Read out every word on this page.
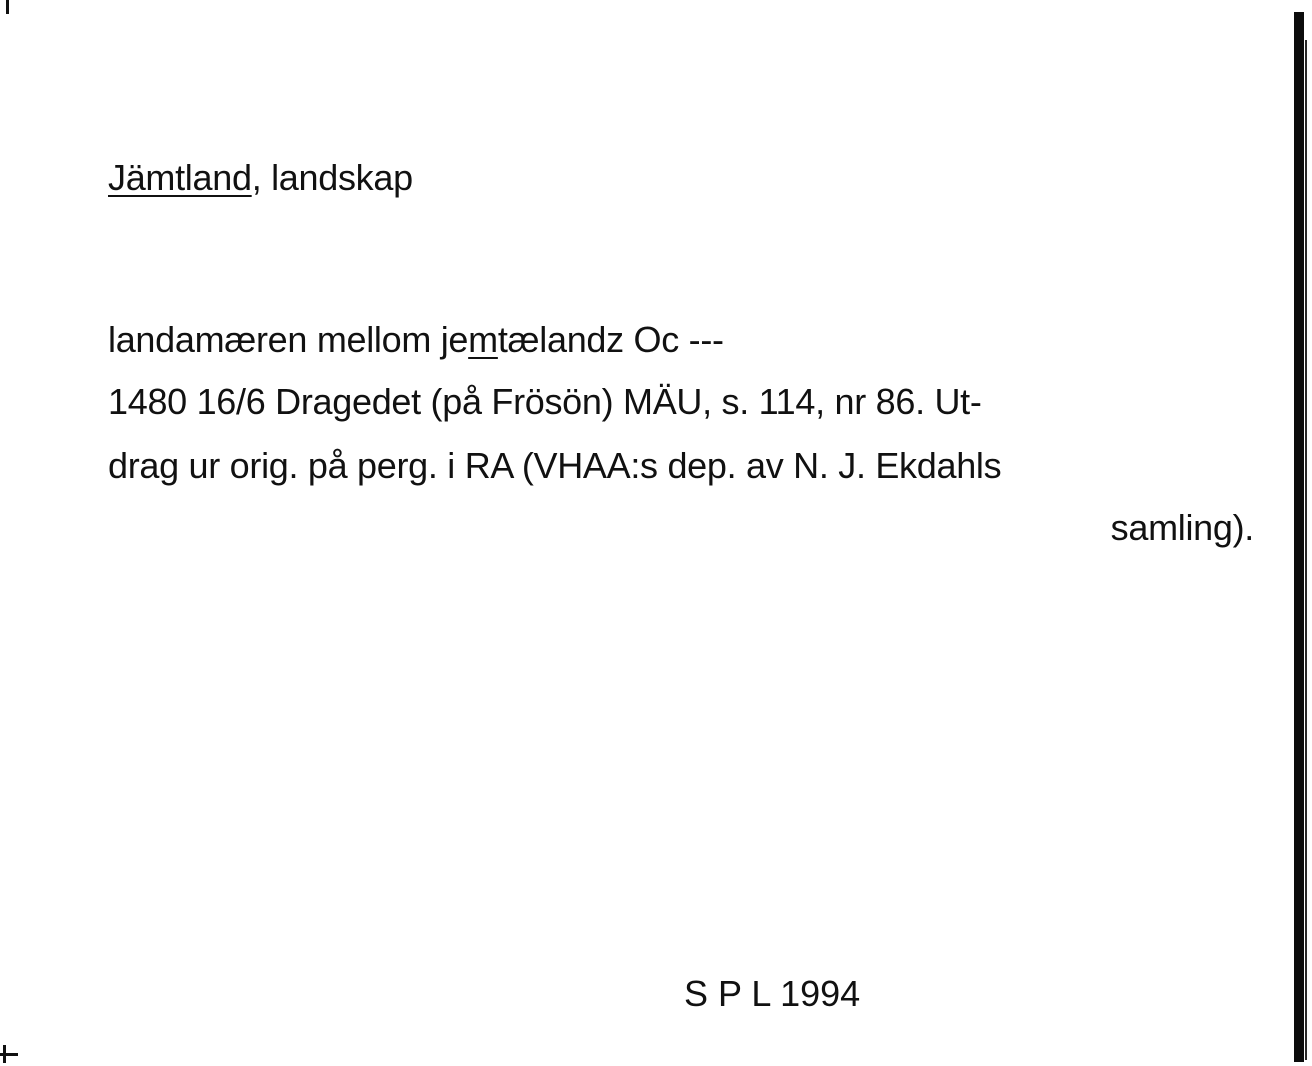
Jämtland, landskap
landamæren mellom jemtælandz Oc ---
1480 16/6 Dragedet (på Frösön) MÄU, s. 114, nr 86. Ut-
drag ur orig. på perg. i RA (VHAA:s dep. av N. J. Ekdahls
samling).
S P L 1994
